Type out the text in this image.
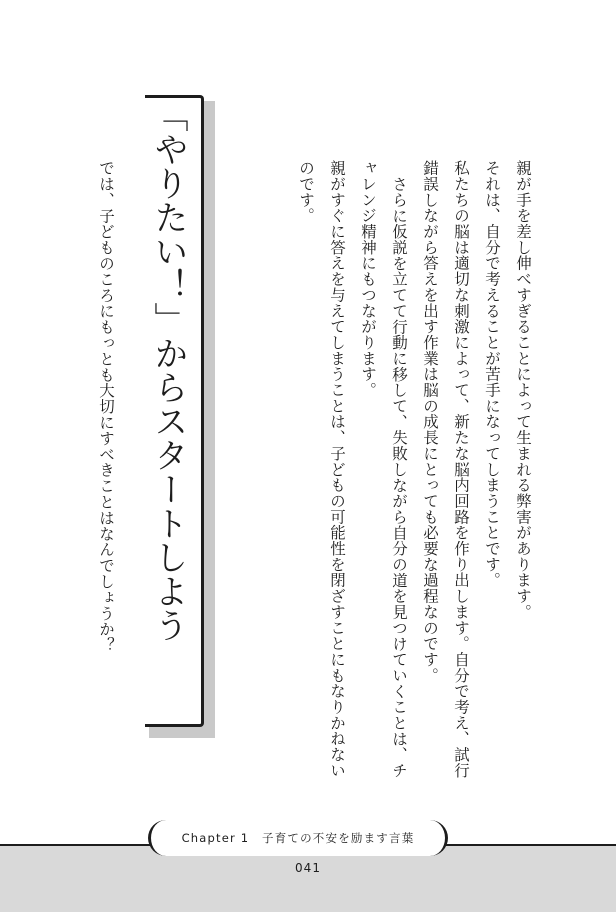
「やりたい！」からスタートしよう
では、子どものころにもっとも大切にすべきことはなんでしょうか？	親が手を差し伸べすぎることによって生まれる弊害があります。

それは、自分で考えることが苦手になってしまうことです。

私たちの脳は適切な刺激によって、新たな脳内回路を作り出します。自分で考え、試行錯誤しながら答えを出す作業は脳の成長にとっても必要な過程なのです。

さらに仮説を立てて行動に移して、失敗しながら自分の道を見つけていくことは、チャレンジ精神にもつながります。

親がすぐに答えを与えてしまうことは、子どもの可能性を閉ざすことにもなりかねないのです。

Chapter 1　子育ての不安を励ます言葉
041
